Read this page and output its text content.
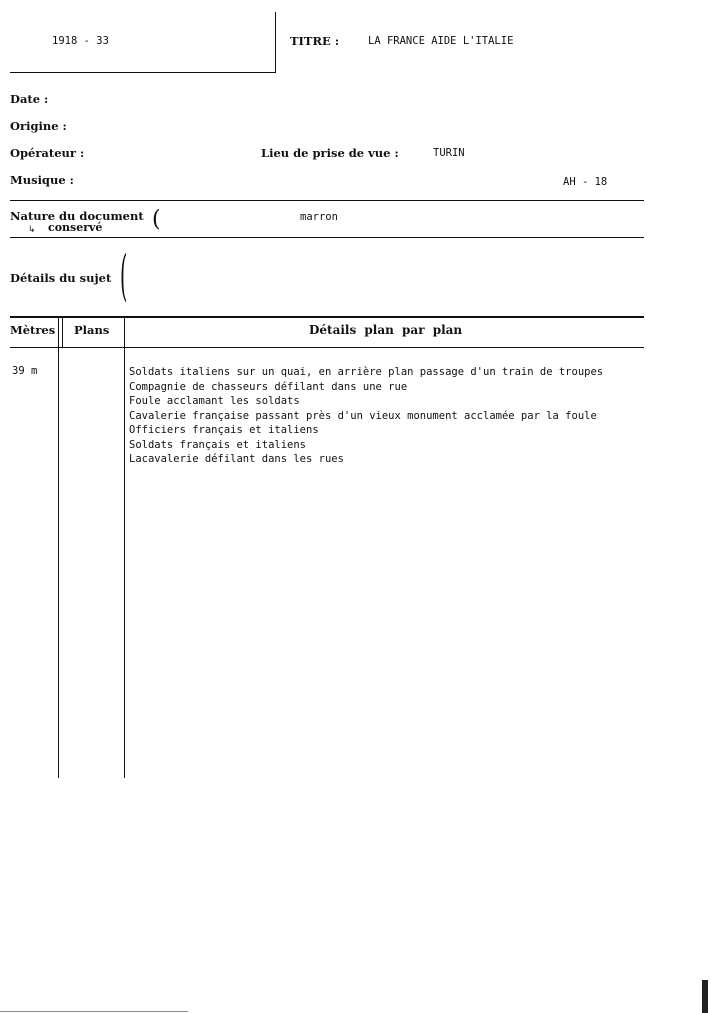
1918 - 33	TITRE :	LA FRANCE AIDE L'ITALIE
Date :
Origine :
Opérateur :	Lieu de prise de vue :	TURIN
Musique :	AH - 18
Nature du document
conservé
↳	(	marron
Détails du sujet (
Mètres Plans	Détails plan par plan
39 m	Soldats italiens sur un quai, en arrière plan passage d'un train de troupes
Compagnie de chasseurs défilant dans une rue
Foule acclamant les soldats
Cavalerie française passant près d'un vieux monument acclamée par la foule
Officiers français et italiens
Soldats français et italiens
Lacavalerie défilant dans les rues
